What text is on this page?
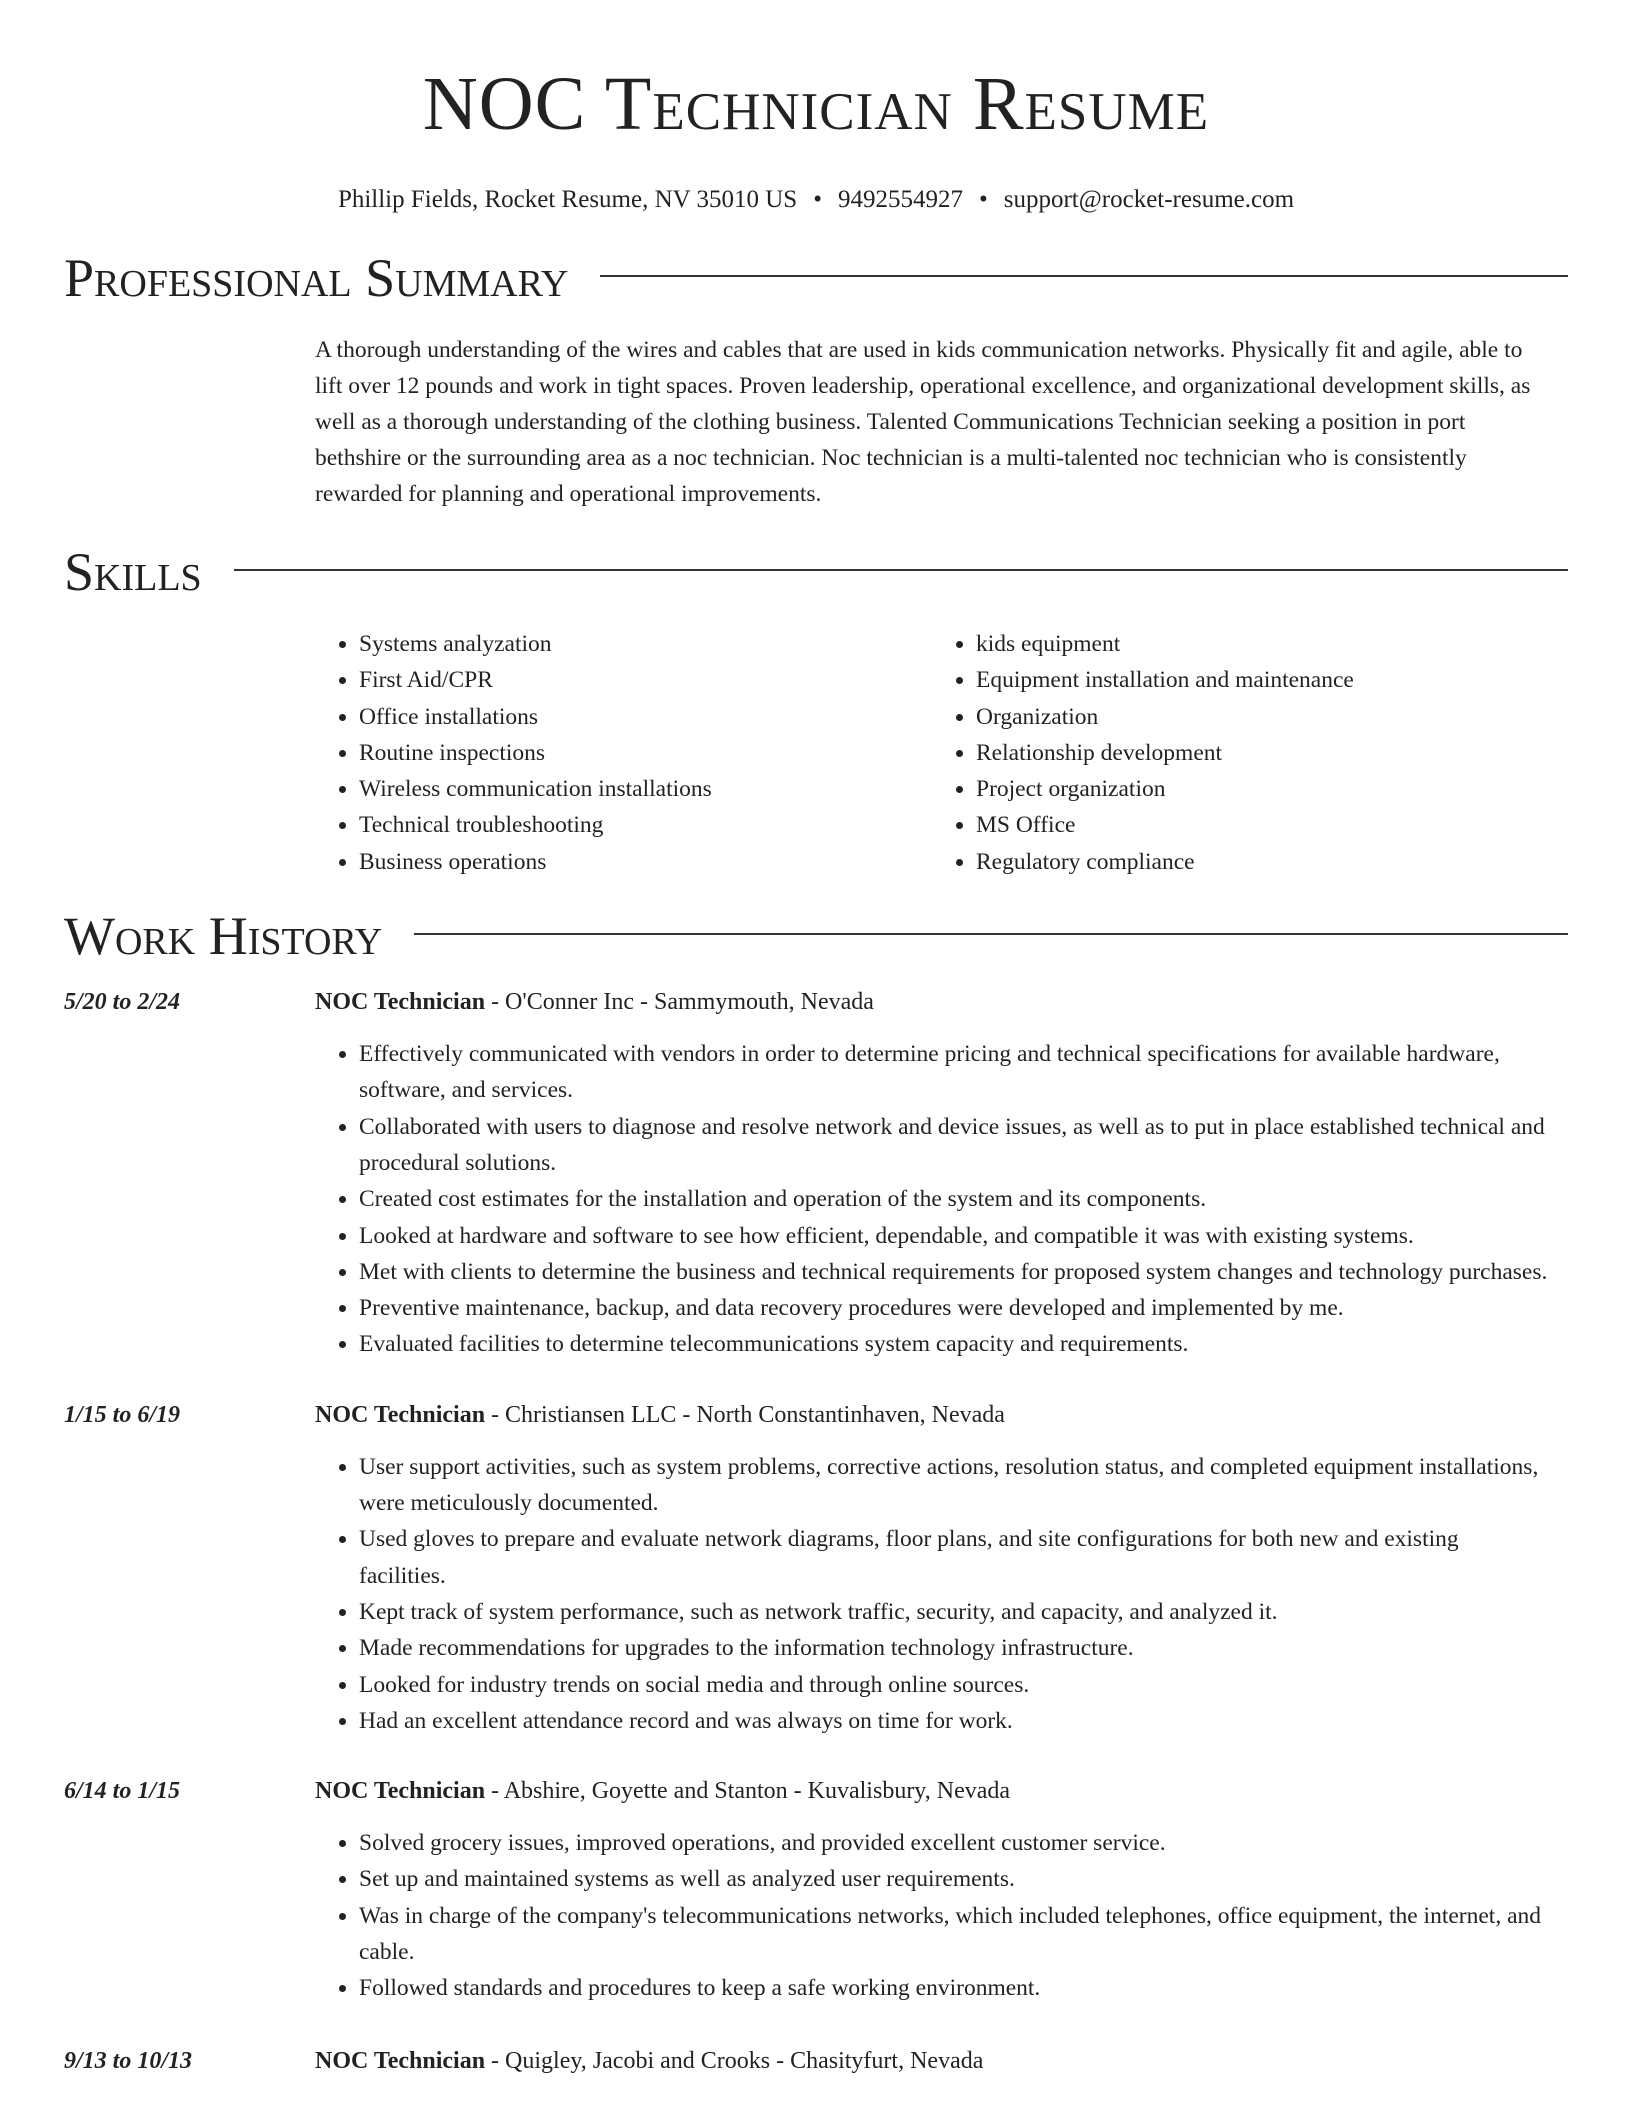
NOC Technician Resume
Phillip Fields, Rocket Resume, NV 35010 US • 9492554927 • support@rocket-resume.com
Professional Summary

A thorough understanding of the wires and cables that are used in kids communication networks. Physically fit and agile, able to lift over 12 pounds and work in tight spaces. Proven leadership, operational excellence, and organizational development skills, as well as a thorough understanding of the clothing business. Talented Communications Technician seeking a position in port bethshire or the surrounding area as a noc technician. Noc technician is a multi-talented noc technician who is consistently rewarded for planning and operational improvements.

Skills
• Systems analyzation
• First Aid/CPR
• Office installations
• Routine inspections
• Wireless communication installations
• Technical troubleshooting
• Business operations
• kids equipment
• Equipment installation and maintenance
• Organization
• Relationship development
• Project organization
• MS Office
• Regulatory compliance
Work History
5/20 to 2/24	NOC Technician - O'Conner Inc - Sammymouth, Nevada
• Effectively communicated with vendors in order to determine pricing and technical specifications for available hardware, software, and services.
• Collaborated with users to diagnose and resolve network and device issues, as well as to put in place established technical and procedural solutions.
• Created cost estimates for the installation and operation of the system and its components.
• Looked at hardware and software to see how efficient, dependable, and compatible it was with existing systems.
• Met with clients to determine the business and technical requirements for proposed system changes and technology purchases.
• Preventive maintenance, backup, and data recovery procedures were developed and implemented by me.
• Evaluated facilities to determine telecommunications system capacity and requirements.
1/15 to 6/19	NOC Technician - Christiansen LLC - North Constantinhaven, Nevada
• User support activities, such as system problems, corrective actions, resolution status, and completed equipment installations, were meticulously documented.
• Used gloves to prepare and evaluate network diagrams, floor plans, and site configurations for both new and existing facilities.
• Kept track of system performance, such as network traffic, security, and capacity, and analyzed it.
• Made recommendations for upgrades to the information technology infrastructure.
• Looked for industry trends on social media and through online sources.
• Had an excellent attendance record and was always on time for work.
6/14 to 1/15	NOC Technician - Abshire, Goyette and Stanton - Kuvalisbury, Nevada
• Solved grocery issues, improved operations, and provided excellent customer service.
• Set up and maintained systems as well as analyzed user requirements.
• Was in charge of the company's telecommunications networks, which included telephones, office equipment, the internet, and cable.
• Followed standards and procedures to keep a safe working environment.
9/13 to 10/13	NOC Technician - Quigley, Jacobi and Crooks - Chasityfurt, Nevada
